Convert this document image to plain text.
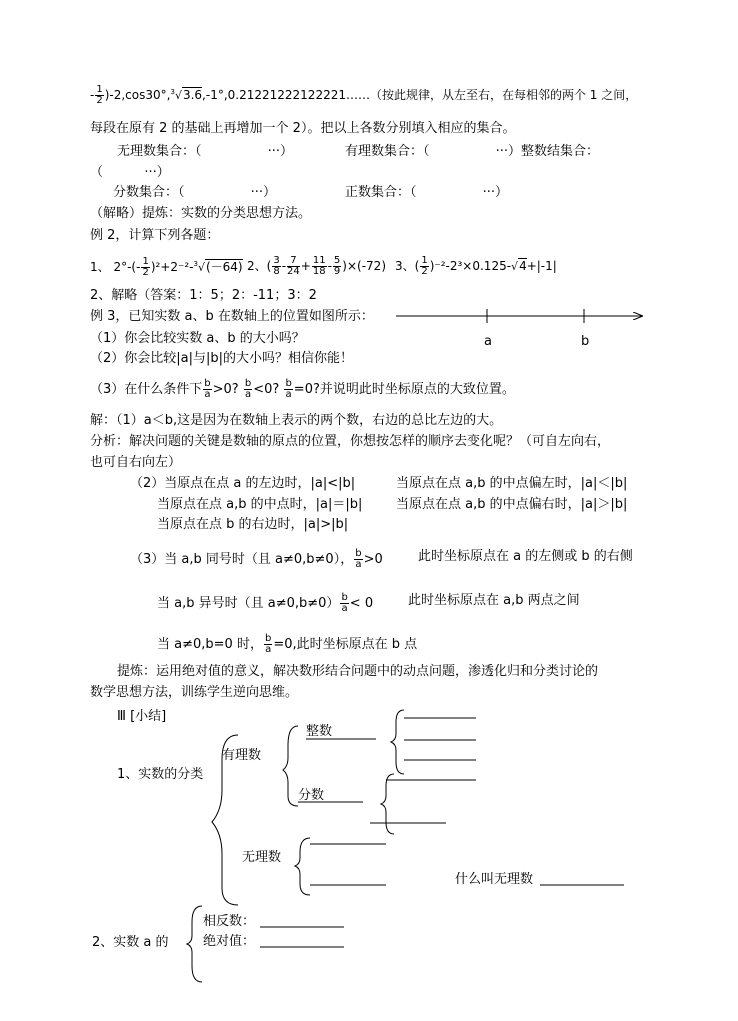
- $\frac{1}{2}$ )-2,cos30°,$^3$√3.6,-1°,0.21221222122221……（按此规律，从左至右，在每相邻的两个 1 之间，
每段在原有 2 的基础上再增加一个 2）。把以上各数分别填入相应的集合。
无理数集合：（                ···）	有理数集合：（                ···）整数结集合：
（          ···）
分数集合：（                ···）	正数集合：（                ···）
（解略）提炼：实数的分类思想方法。
例 2，计算下列各题：
1、 $2^\circ-(- \frac{1}{2} )^2+2^{-2}-^3√(-64)$ 2、( $\frac{3}{8} - \frac{7}{24} + \frac{11}{18} - \frac{5}{9} )\times(-72)$ 3、( $\frac{1}{2} )^{-2}-2^3\times 0.125-√4+|-1|$
2、解略（答案：1：5；2：-11；3：2
例 3，已知实数 a、b 在数轴上的位置如图所示：
a	b
（1）你会比较实数 a、b 的大小吗？
（2）你会比较|a|与|b|的大小吗？相信你能！
（3）在什么条件下 $\frac{b}{a} >0$? $\frac{b}{a} <0$? $\frac{b}{a} =0$?并说明此时坐标原点的大致位置。
解：（1）a＜b,这是因为在数轴上表示的两个数，右边的总比左边的大。
分析：解决问题的关键是数轴的原点的位置，你想按怎样的顺序去变化呢？（可自左向右，
也可自右向左）
（2）当原点在点 a 的左边时，|a|<|b|	当原点在点 a,b 的中点偏左时，|a|＜|b|
当原点在点 a,b 的中点时，|a|＝|b|	当原点在点 a,b 的中点偏右时，|a|＞|b|
当原点在点 b 的右边时，|a|>|b|
（3）当 a,b 同号时（且 a≠0,b≠0）， $\frac{b}{a} >0$	此时坐标原点在 a 的左侧或 b 的右侧
当 a,b 异号时（且 $a\ne 0,b\ne 0) \frac{b}{a} < 0$	此时坐标原点在 a,b 两点之间
当 a≠0,b=0 时， $\frac{b}{a} =0$,此时坐标原点在 b 点
提炼：运用绝对值的意义，解决数形结合问题中的动点问题，渗透化归和分类讨论的
数学思想方法，训练学生逆向思维。
Ⅲ [小结]
1、实数的分类
有理数
整数
分数
无理数
什么叫无理数
2、实数 a 的
相反数：
绝对值：
